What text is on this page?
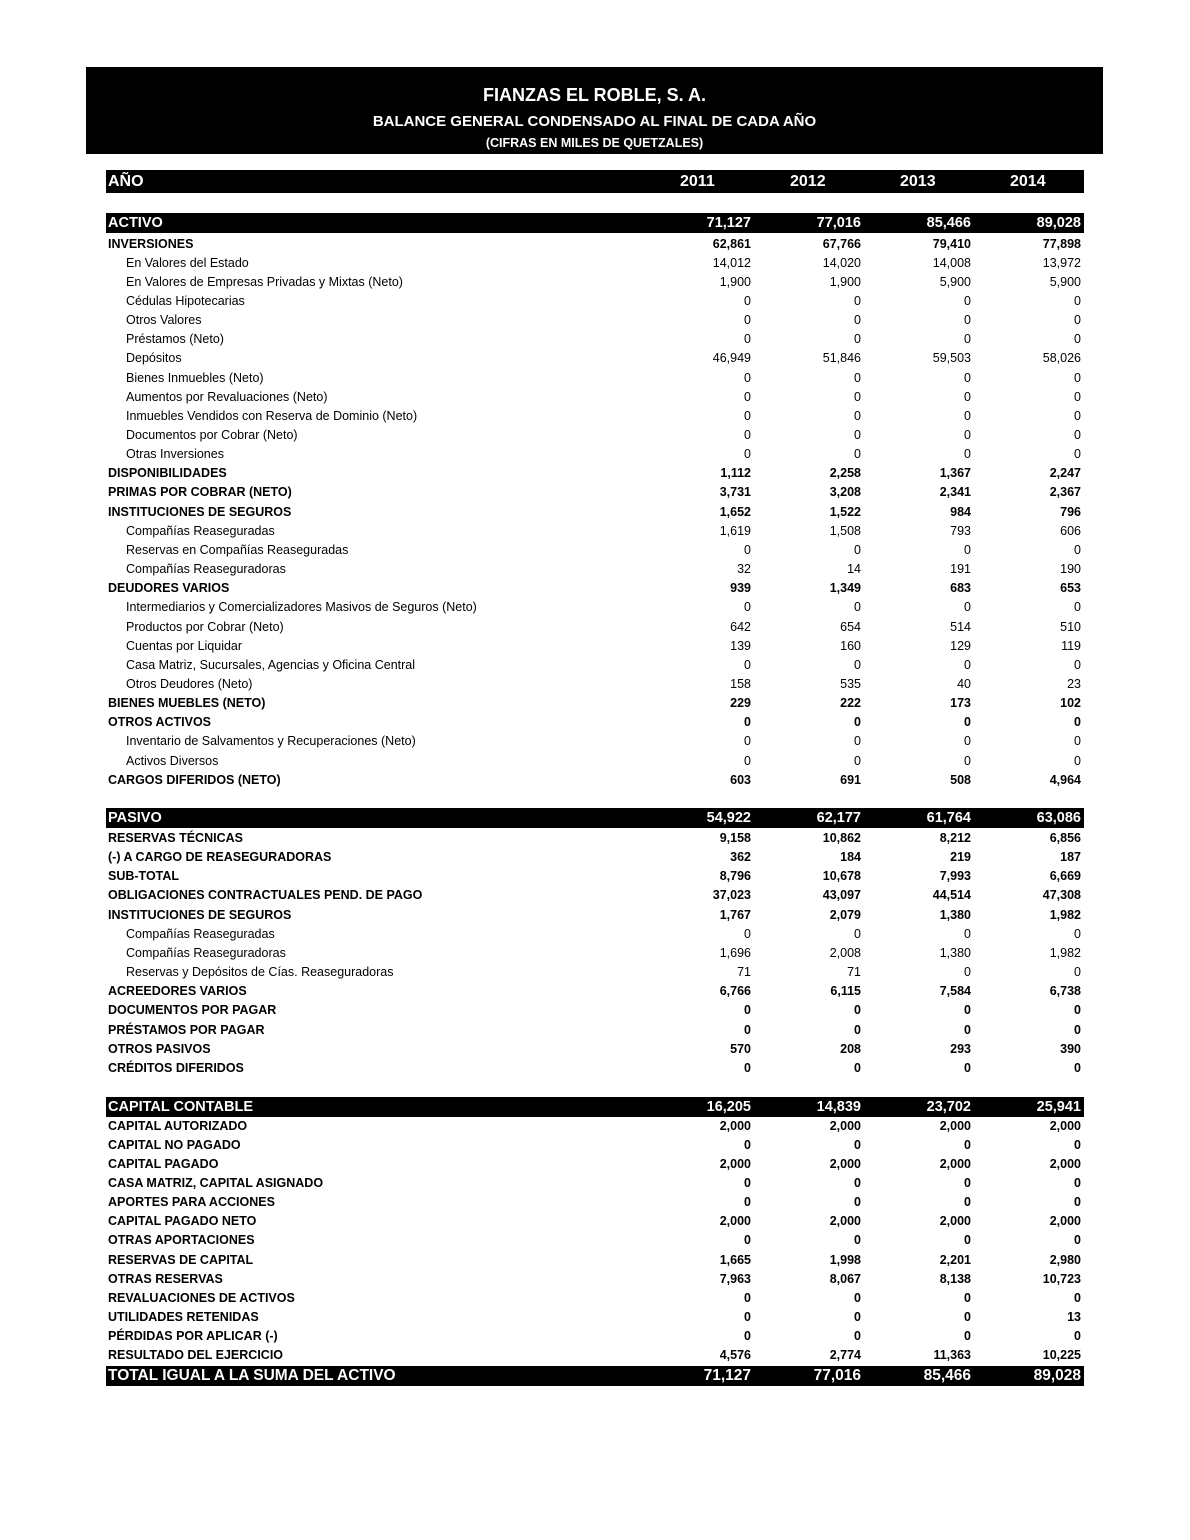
FIANZAS EL ROBLE, S. A.
BALANCE GENERAL CONDENSADO AL FINAL DE CADA AÑO
(CIFRAS EN MILES DE QUETZALES)
AÑO	2011	2012	2013	2014
ACTIVO	71,127	77,016	85,466	89,028
INVERSIONES	62,861	67,766	79,410	77,898
En Valores del Estado	14,012	14,020	14,008	13,972
En Valores de Empresas Privadas y Mixtas (Neto)	1,900	1,900	5,900	5,900
Cédulas Hipotecarias	0	0	0	0
Otros Valores	0	0	0	0
Préstamos (Neto)	0	0	0	0
Depósitos	46,949	51,846	59,503	58,026
Bienes Inmuebles (Neto)	0	0	0	0
Aumentos por Revaluaciones (Neto)	0	0	0	0
Inmuebles Vendidos con Reserva de Dominio (Neto)	0	0	0	0
Documentos por Cobrar (Neto)	0	0	0	0
Otras Inversiones	0	0	0	0
DISPONIBILIDADES	1,112	2,258	1,367	2,247
PRIMAS POR COBRAR (NETO)	3,731	3,208	2,341	2,367
INSTITUCIONES DE SEGUROS	1,652	1,522	984	796
Compañías Reaseguradas	1,619	1,508	793	606
Reservas en Compañías Reaseguradas	0	0	0	0
Compañías Reaseguradoras	32	14	191	190
DEUDORES VARIOS	939	1,349	683	653
Intermediarios y Comercializadores Masivos de Seguros (Neto)	0	0	0	0
Productos por Cobrar (Neto)	642	654	514	510
Cuentas por Liquidar	139	160	129	119
Casa Matriz, Sucursales, Agencias y Oficina Central	0	0	0	0
Otros Deudores (Neto)	158	535	40	23
BIENES MUEBLES (NETO)	229	222	173	102
OTROS ACTIVOS	0	0	0	0
Inventario de Salvamentos y Recuperaciones (Neto)	0	0	0	0
Activos Diversos	0	0	0	0
CARGOS DIFERIDOS (NETO)	603	691	508	4,964
PASIVO	54,922	62,177	61,764	63,086
RESERVAS TÉCNICAS	9,158	10,862	8,212	6,856
(-) A CARGO DE REASEGURADORAS	362	184	219	187
SUB-TOTAL	8,796	10,678	7,993	6,669
OBLIGACIONES CONTRACTUALES PEND. DE PAGO	37,023	43,097	44,514	47,308
INSTITUCIONES DE SEGUROS	1,767	2,079	1,380	1,982
Compañías Reaseguradas	0	0	0	0
Compañías Reaseguradoras	1,696	2,008	1,380	1,982
Reservas y Depósitos de Cías. Reaseguradoras	71	71	0	0
ACREEDORES VARIOS	6,766	6,115	7,584	6,738
DOCUMENTOS POR PAGAR	0	0	0	0
PRÉSTAMOS POR PAGAR	0	0	0	0
OTROS PASIVOS	570	208	293	390
CRÉDITOS DIFERIDOS	0	0	0	0
CAPITAL CONTABLE	16,205	14,839	23,702	25,941
CAPITAL AUTORIZADO	2,000	2,000	2,000	2,000
CAPITAL NO PAGADO	0	0	0	0
CAPITAL PAGADO	2,000	2,000	2,000	2,000
CASA MATRIZ, CAPITAL ASIGNADO	0	0	0	0
APORTES PARA ACCIONES	0	0	0	0
CAPITAL PAGADO NETO	2,000	2,000	2,000	2,000
OTRAS APORTACIONES	0	0	0	0
RESERVAS DE CAPITAL	1,665	1,998	2,201	2,980
OTRAS RESERVAS	7,963	8,067	8,138	10,723
REVALUACIONES DE ACTIVOS	0	0	0	0
UTILIDADES RETENIDAS	0	0	0	13
PÉRDIDAS POR APLICAR (-)	0	0	0	0
RESULTADO DEL EJERCICIO	4,576	2,774	11,363	10,225
TOTAL IGUAL A LA SUMA DEL ACTIVO	71,127	77,016	85,466	89,028
